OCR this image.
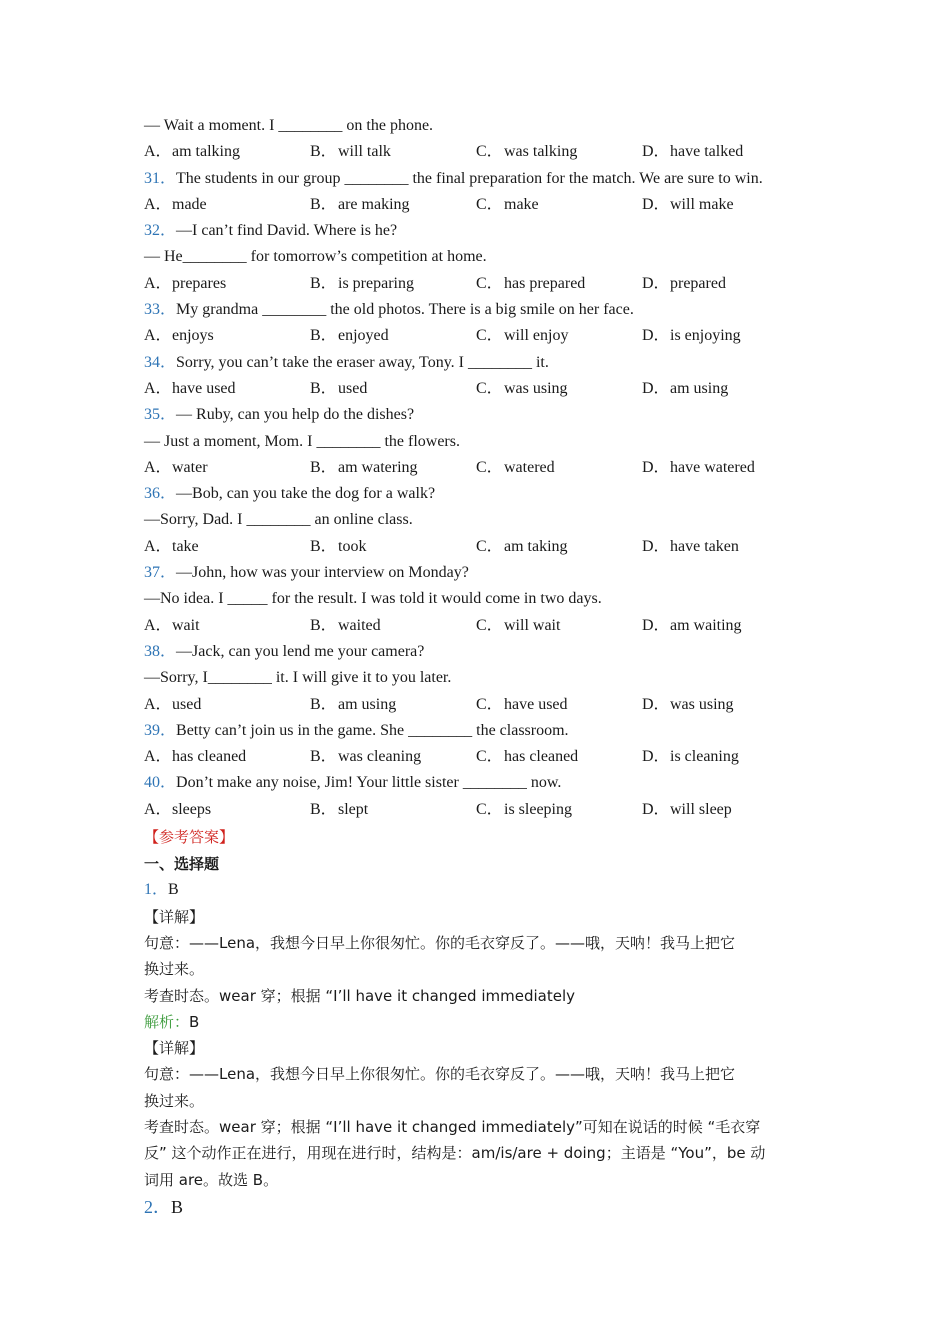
— Wait a moment. I ________ on the phone.
A．am talking	B．will talk	C．was talking	D．have talked
31．The students in our group ________ the final preparation for the match. We are sure to win.
A．made	B．are making	C．make	D．will make
32．—I can’t find David. Where is he?
— He________ for tomorrow’s competition at home.
A．prepares	B．is preparing	C．has prepared	D．prepared
33．My grandma ________ the old photos. There is a big smile on her face.
A．enjoys	B．enjoyed	C．will enjoy	D．is enjoying
34．Sorry, you can’t take the eraser away, Tony. I ________ it.
A．have used	B．used	C．was using	D．am using
35．— Ruby, can you help do the dishes?
— Just a moment, Mom. I ________ the flowers.
A．water	B．am watering	C．watered	D．have watered
36．—Bob, can you take the dog for a walk?
—Sorry, Dad. I ________ an online class.
A．take	B．took	C．am taking	D．have taken
37．—John, how was your interview on Monday?
—No idea. I _____ for the result. I was told it would come in two days.
A．wait	B．waited	C．will wait	D．am waiting
38．—Jack, can you lend me your camera?
—Sorry, I________ it. I will give it to you later.
A．used	B．am using	C．have used	D．was using
39．Betty can’t join us in the game. She ________ the classroom.
A．has cleaned	B．was cleaning	C．has cleaned	D．is cleaning
40．Don’t make any noise, Jim! Your little sister ________ now.
A．sleeps	B．slept	C．is sleeping	D．will sleep
【参考答案】
一、选择题
1．B
【详解】
句意：——Lena，我想今日早上你很匆忙。你的毛衣穿反了。——哦，天呐！我马上把它
换过来。
考查时态。wear 穿；根据 “I’ll have it changed immediately
解析：B
【详解】
句意：——Lena，我想今日早上你很匆忙。你的毛衣穿反了。——哦，天呐！我马上把它
换过来。
考查时态。wear 穿；根据 “I’ll have it changed immediately”可知在说话的时候 “毛衣穿
反” 这个动作正在进行，用现在进行时，结构是：am/is/are + doing；主语是 “You”，be 动
词用 are。故选 B。
2．B
